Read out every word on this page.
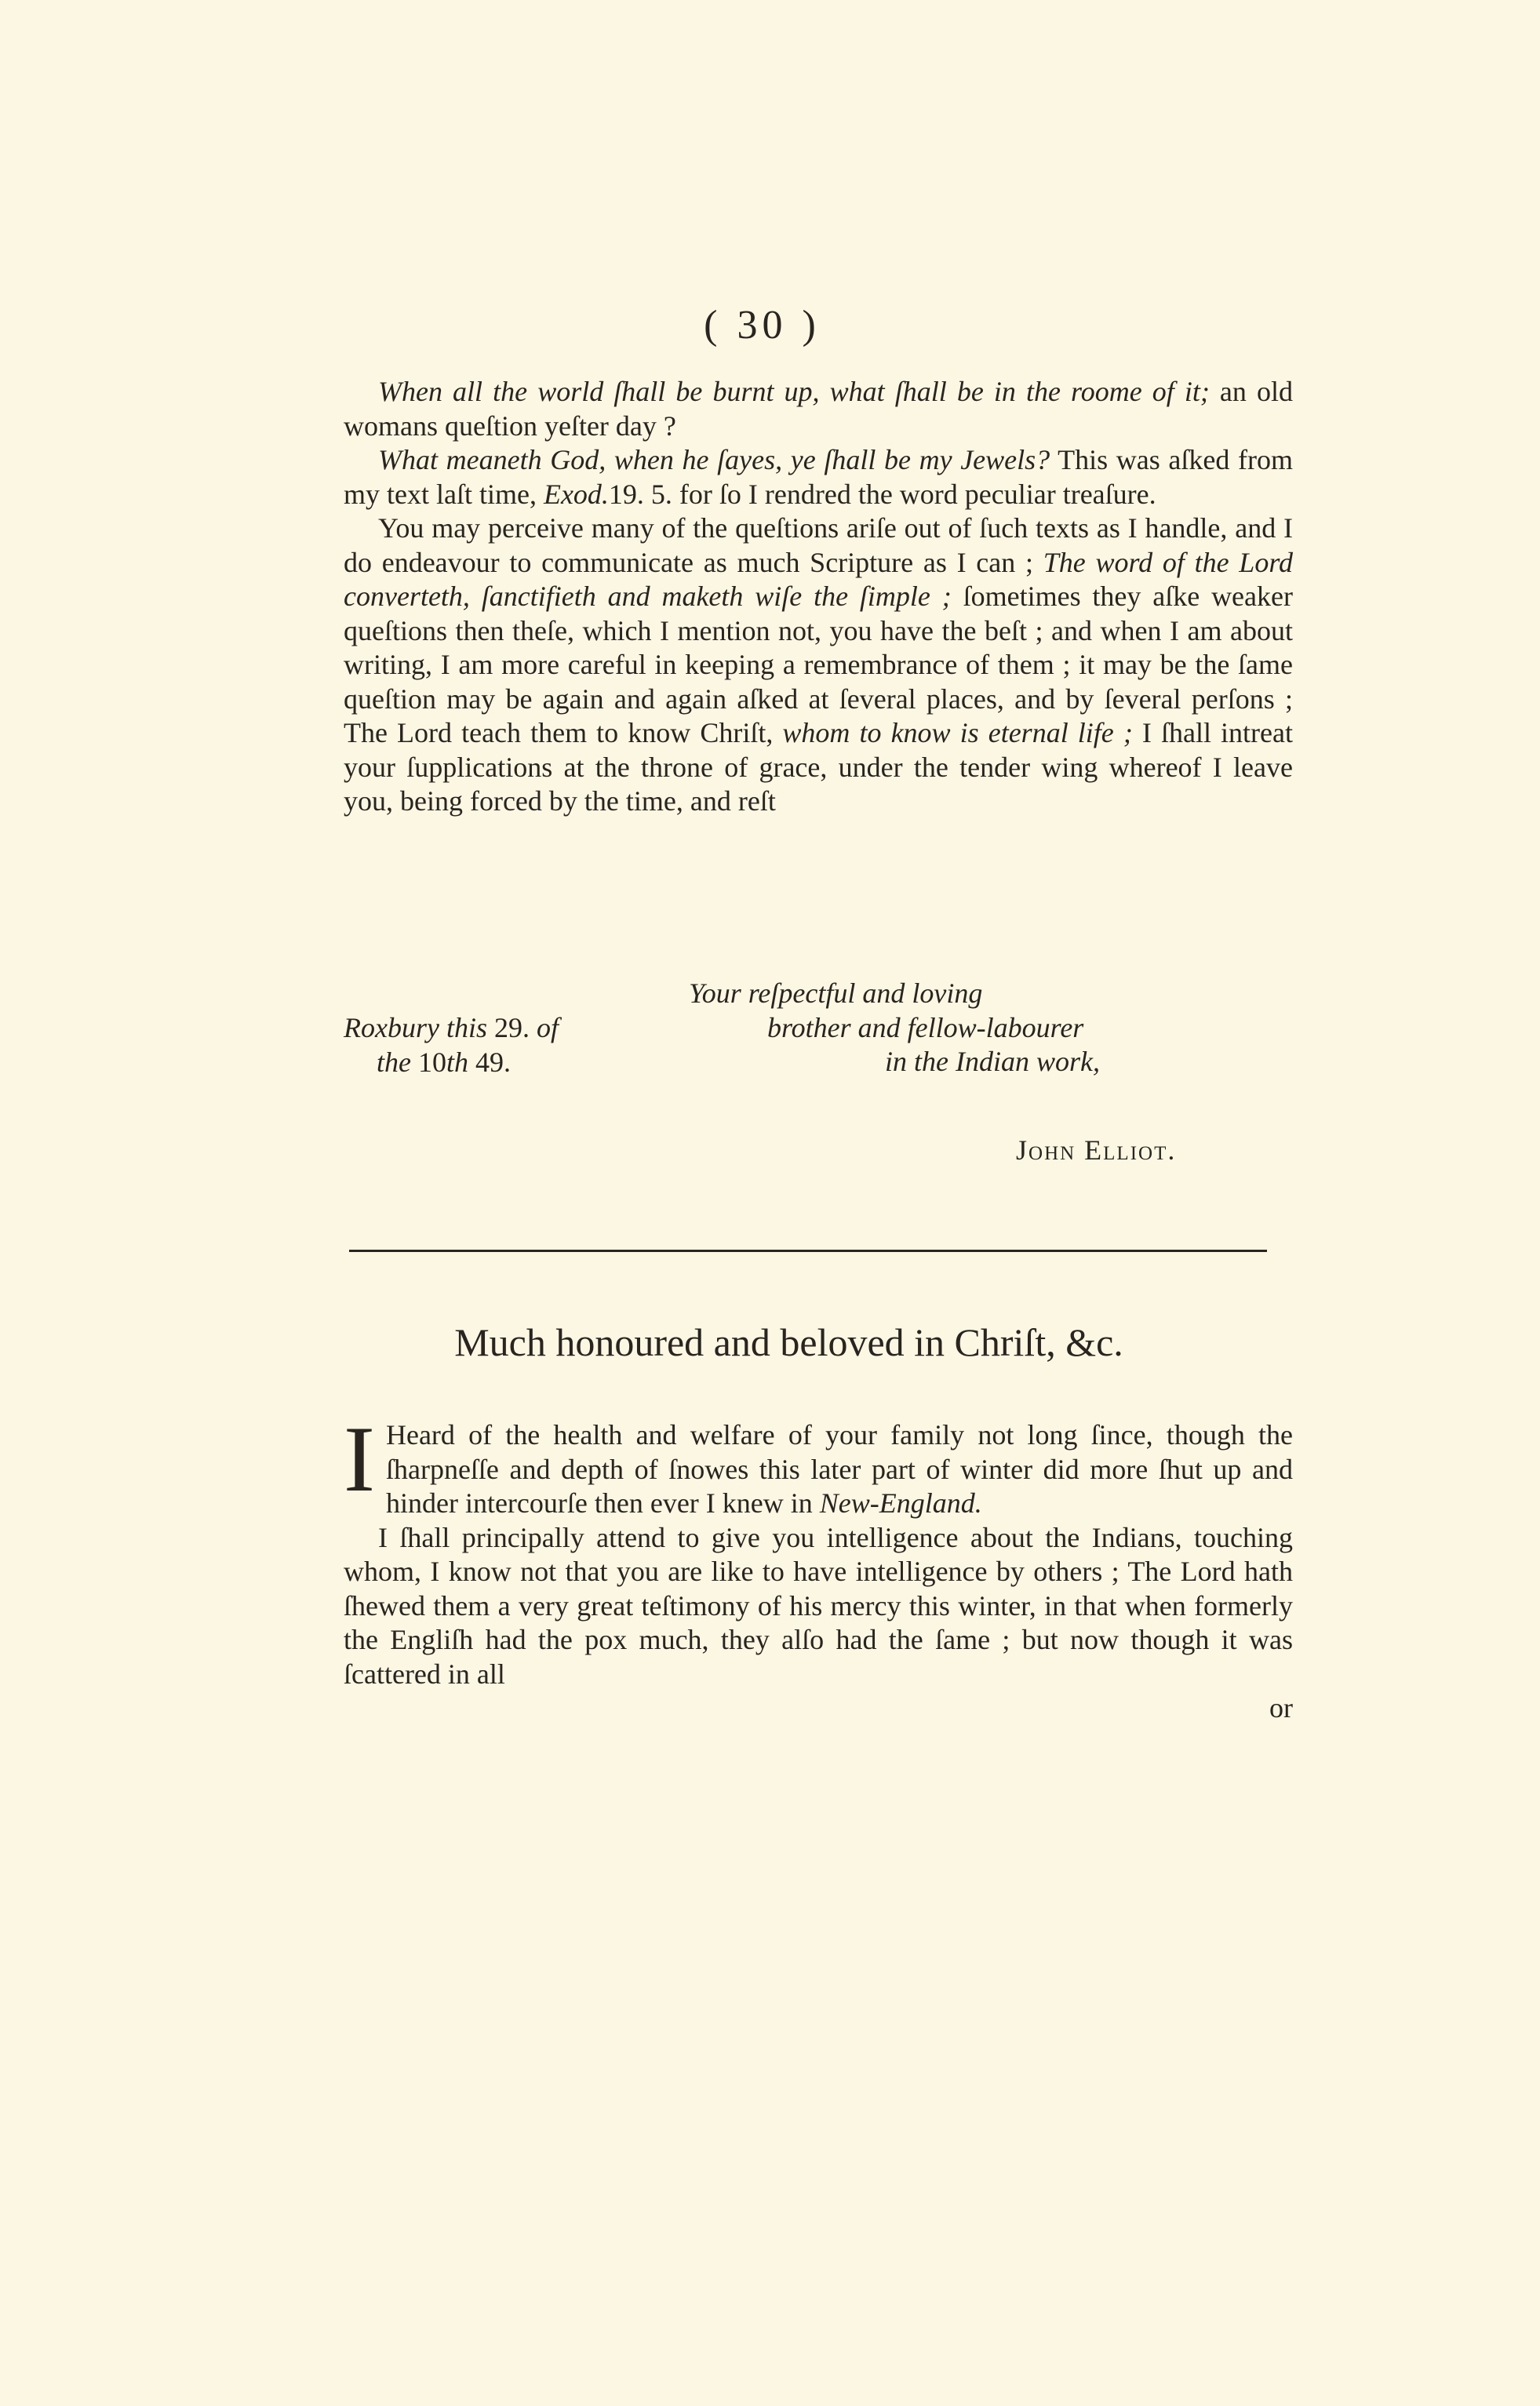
( 30 )

When all the world ſhall be burnt up, what ſhall be in the roome of it; an old womans queſtion yeſter day ?

What meaneth God, when he ſayes, ye ſhall be my Jewels? This was aſked from my text laſt time, Exod.19. 5. for ſo I rendred the word peculiar treaſure.

You may perceive many of the queſtions ariſe out of ſuch texts as I handle, and I do endeavour to communicate as much Scripture as I can ; The word of the Lord converteth, ſanctifieth and maketh wiſe the ſimple ; ſometimes they aſke weaker queſtions then theſe, which I mention not, you have the beſt ; and when I am about writing, I am more careful in keeping a remembrance of them ; it may be the ſame queſtion may be again and again aſked at ſeveral places, and by ſeveral perſons ; The Lord teach them to know Chriſt, whom to know is eternal life ; I ſhall intreat your ſupplications at the throne of grace, under the tender wing whereof I leave you, being forced by the time, and reſt

Your reſpectful and loving
brother and fellow-labourer
in the Indian work,
Roxbury this 29. of
the 10th 49.
John Elliot.
Much honoured and beloved in Chriſt, &c.

I Heard of the health and welfare of your family not long ſince, though the ſharpneſſe and depth of ſnowes this later part of winter did more ſhut up and hinder intercourſe then ever I knew in New-England.

I ſhall principally attend to give you intelligence about the Indians, touching whom, I know not that you are like to have intelligence by others ; The Lord hath ſhewed them a very great teſtimony of his mercy this winter, in that when formerly the Engliſh had the pox much, they alſo had the ſame ; but now though it was ſcattered in all

or
